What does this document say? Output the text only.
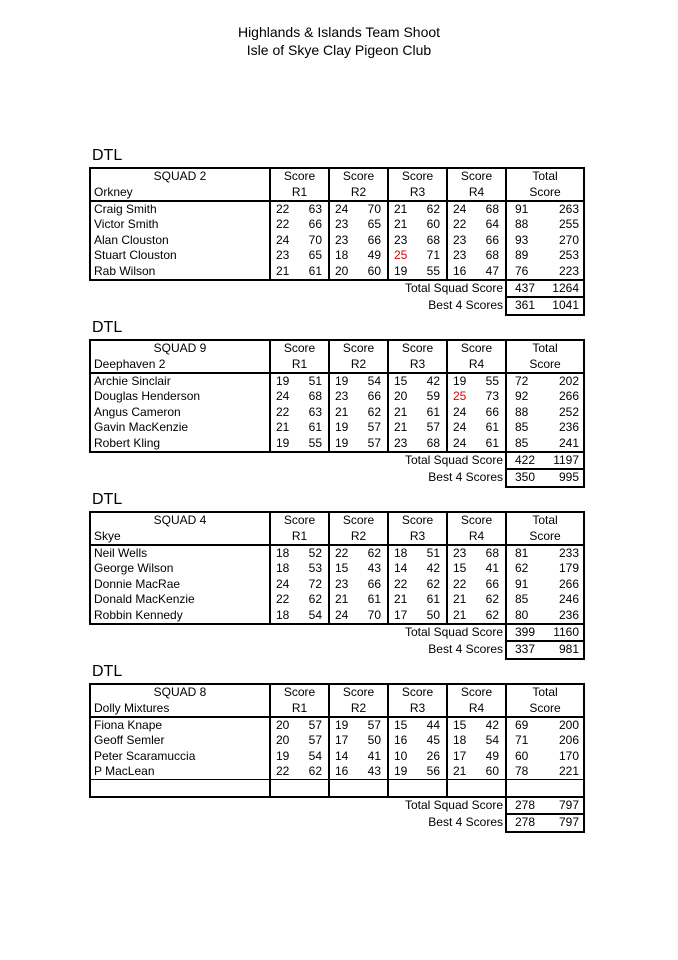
Highlands & Islands Team Shoot
Isle of Skye Clay Pigeon Club
DTL
SQUAD 2	Score	Score	Score	Score	Total
Orkney	R1	R2	R3	R4	Score
Craig Smith	22 63	24 70	21 62	24 68	91 263

Victor Smith	22 66	23 65	21 60	22 64	88 255

Alan Clouston	24 70	23 66	23 68	23 66	93 270

Stuart Clouston	23 65	18 49	25 71	23 68	89 253

Rab Wilson	21 61	20 60	19 55	16 47	76 223

Total Squad Score					437 1264

Best 4 Scores					361 1041
DTL
SQUAD 9	Score	Score	Score	Score	Total
Deephaven 2	R1	R2	R3	R4	Score
Archie Sinclair	19 51	19 54	15 42	19 55	72 202

Douglas Henderson	24 68	23 66	20 59	25 73	92 266

Angus Cameron	22 63	21 62	21 61	24 66	88 252

Gavin MacKenzie	21 61	19 57	21 57	24 61	85 236

Robert Kling	19 55	19 57	23 68	24 61	85 241

Total Squad Score					422 1197

Best 4 Scores					350 995
DTL
SQUAD 4	Score	Score	Score	Score	Total
Skye	R1	R2	R3	R4	Score
Neil Wells	18 52	22 62	18 51	23 68	81 233

George Wilson	18 53	15 43	14 42	15 41	62 179

Donnie MacRae	24 72	23 66	22 62	22 66	91 266

Donald MacKenzie	22 62	21 61	21 61	21 62	85 246

Robbin Kennedy	18 54	24 70	17 50	21 62	80 236

Total Squad Score					399 1160

Best 4 Scores					337 981
DTL
SQUAD 8	Score	Score	Score	Score	Total
Dolly Mixtures	R1	R2	R3	R4	Score
Fiona Knape	20 57	19 57	15 44	15 42	69 200

Geoff Semler	20 57	17 50	16 45	18 54	71 206

Peter Scaramuccia	19 54	14 41	10 26	17 49	60 170

P MacLean	22 62	16 43	19 56	21 60	78 221

Total Squad Score					278 797

Best 4 Scores					278 797
